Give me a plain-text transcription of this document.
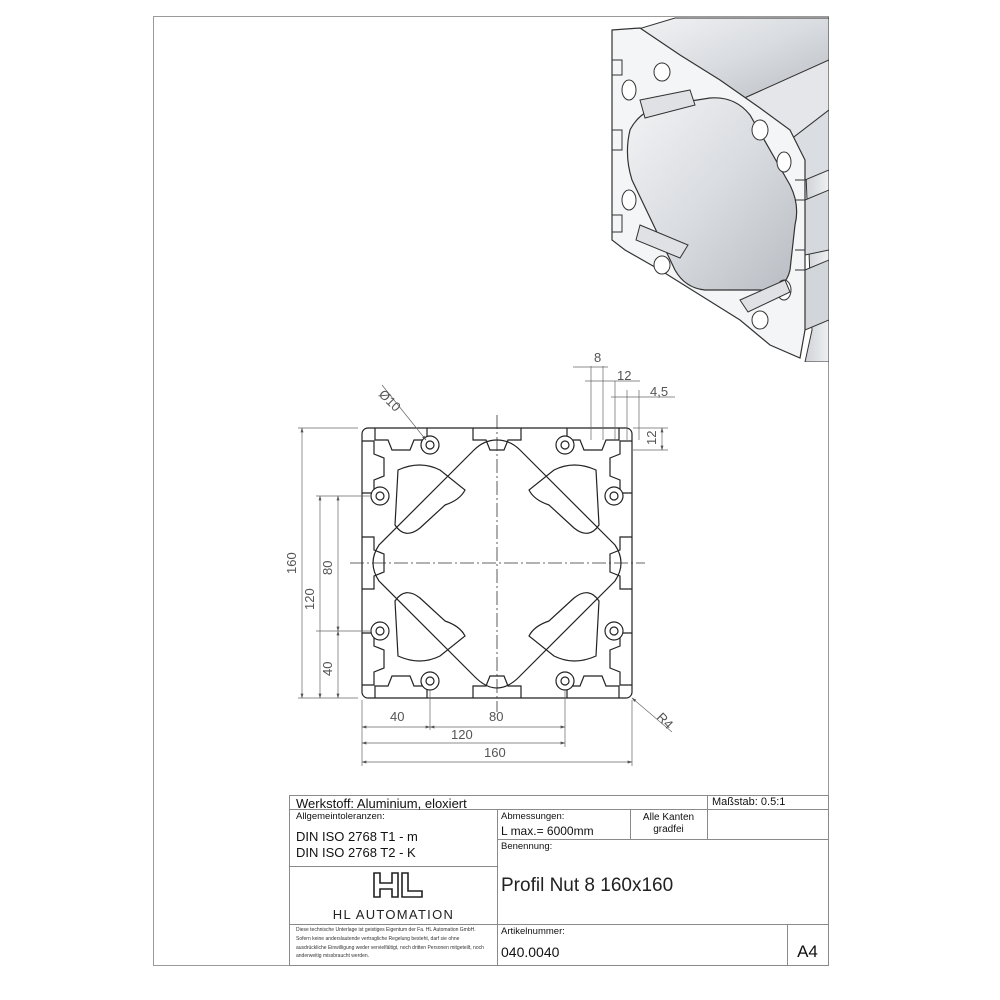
8
12
4,5
12
Ø10
160
120
80
40
40	80
120
160
R4
Werkstoff: Aluminium, eloxiert	Maßstab: 0.5:1
Allgemeintoleranzen:
DIN ISO 2768 T1 - m
DIN ISO 2768 T2 - K
Abmessungen:
L max.= 6000mm
Alle Kanten
gradfei
Benennung:
Profil Nut 8 160x160
HL AUTOMATION
Diese technische Unterlage ist geistiges Eigentum der Fa. HL Automation GmbH. Sofern keine anderslautende vertragliche Regelung besteht, darf sie ohne ausdrückliche Einwilligung weder vervielfältigt, noch dritten Personen mitgeteilt, noch anderweitig missbraucht werden.
Artikelnummer:
040.0040	A4
